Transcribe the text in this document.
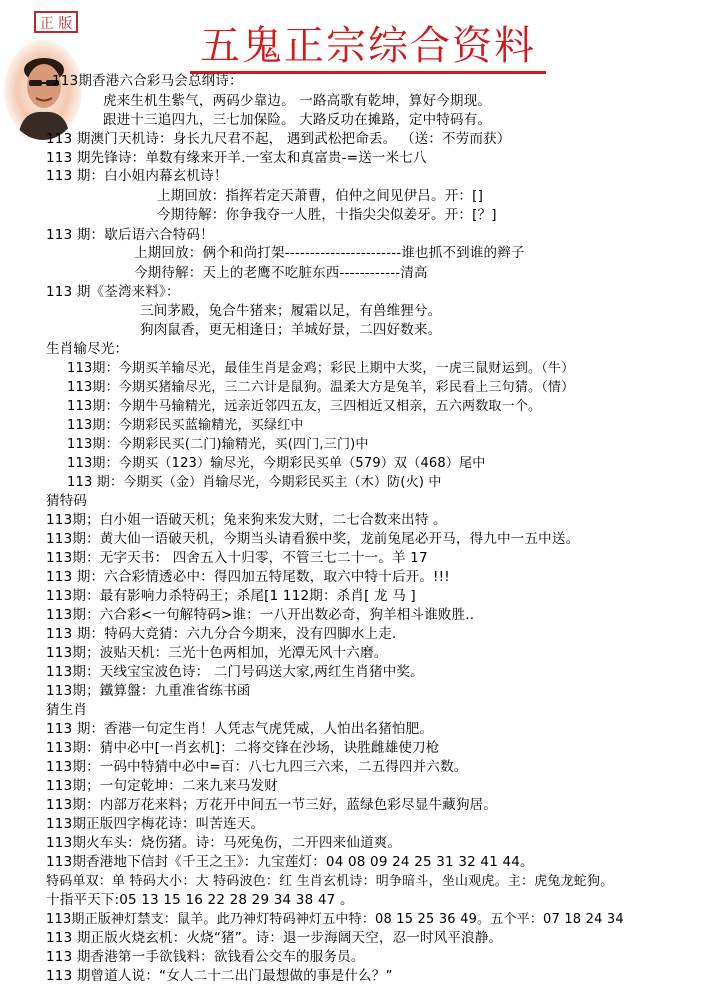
正 版	五鬼正宗综合资料
113期香港六合彩马会总纲诗：
虎来生机生紫气，两码少靠边。 一路高歌有乾坤，算好今期现。
跟进十三追四九，三七加保险。 大路反功在摊路，定中特码有。
113 期澳门天机诗：身长九尺君不起， 遇到武松把命丢。 （送：不劳而获）
113 期先锋诗：单数有缘来开羊.一室太和真富贵-=送一米七八
113 期：白小姐内幕玄机诗！
上期回放：指挥若定天萧曹，伯仲之间见伊吕。开：[]
今期待解：你争我夺一人胜，十指尖尖似姜牙。开：[？]
113 期：歇后语六合特码！
上期回放：俩个和尚打架-----------------------谁也抓不到谁的辫子
今期待解：天上的老鹰不吃脏东西------------清高
113 期《荃湾来料》：
三间茅殿，兔合牛猪来；履霜以足，有兽维狸兮。
狗肉鼠香，更无相逢日；羊城好景，二四好数来。
生肖输尽光：
113期：今期买羊输尽光，最佳生肖是金鸡；彩民上期中大奖，一虎三鼠财运到。（牛）
113期：今期买猪输尽光，三二六计是鼠狗。温柔大方是兔羊，彩民看上三句猜。（情）
113期：今期牛马输精光，远亲近邻四五友，三四相近又相亲，五六两数取一个。
113期：今期彩民买蓝输精光，买绿红中
113期：今期彩民买(二门)输精光，买(四门,三门)中
113期：今期买（123）输尽光，今期彩民买单（579）双（468）尾中
113 期：今期买（金）肖输尽光，今期彩民买主（木）防(火) 中
猜特码
113期；白小姐一语破天机；兔来狗来发大财，二七合数来出特 。
113期：黄大仙一语破天机，今期当头请看猴中奖，龙前兔尾必开马，得九中一五中送。
113期：无字天书： 四舍五入十归零，不管三七二十一。羊 17
113 期：六合彩情透必中：得四加五特尾数，取六中特十后开。!!!
113期：最有影响力杀特码王；杀尾[1 112期：杀肖[ 龙 马 ]
113期：六合彩<一句解特码>谁：一八开出数必奇，狗羊相斗谁败胜..
113 期：特码大竞猜：六九分合今期来，没有四脚水上走.
113期；波贴天机：三光十色两相加，光潭无风十六磨。
113期：天线宝宝波色诗： 二门号码送大家,两红生肖猪中奖。
113期；鐵算盤：九重准省练书函
猜生肖
113 期：香港一句定生肖！人凭志气虎凭威，人怕出名猪怕肥。
113期：猜中必中[一肖玄机]：二将交锋在沙场，诀胜雌雄使刀枪
113期：一码中特猜中必中=百：八七九四三六来，二五得四并六数。
113期；一句定乾坤：二来九来马发财
113期：内部万花来料；万花开中间五一节三好，蓝绿色彩尽显牛藏狗居。
113期正版四字梅花诗：叫苦连天。
113期火车头：烧伤猪。诗：马死兔伤，二开四来仙道爽。
113期香港地下信封《千王之王》：九宝莲灯：04 08 09 24 25 31 32 41 44。
特码单双：单 特码大小：大 特码波色：红 生肖玄机诗：明争暗斗，坐山观虎。主：虎兔龙蛇狗。
十指平天下:05 13 15 16 22 28 29 34 38 47 。
113期正版神灯禁支：鼠羊。此乃神灯特码神灯五中特：08 15 25 36 49。五个平：07 18 24 34
113 期正版火烧玄机：火烧“猪”。诗：退一步海阔天空，忍一时风平浪静。
113 期香港第一手欲钱料：欲钱看公交车的服务员。
113 期曾道人说：“女人二十二出门最想做的事是什么？”
